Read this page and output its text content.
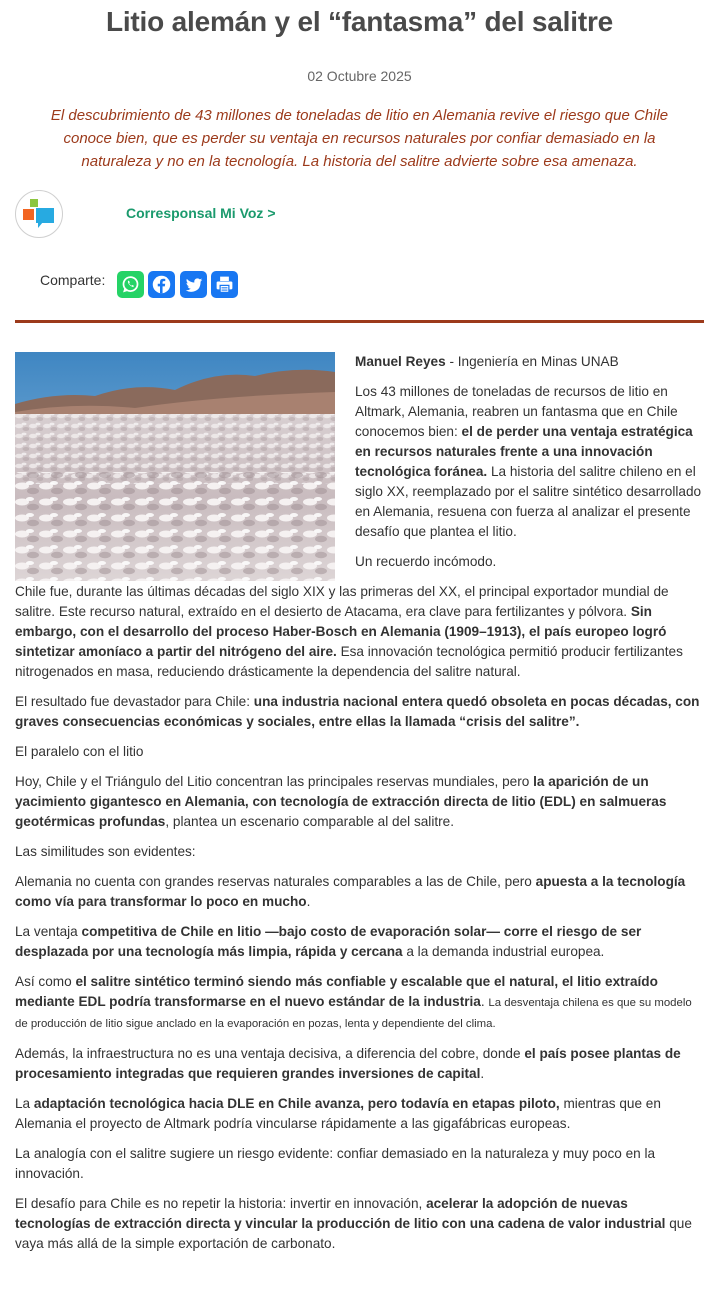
Litio alemán y el “fantasma” del salitre
02 Octubre 2025

El descubrimiento de 43 millones de toneladas de litio en Alemania revive el riesgo que Chile conoce bien, que es perder su ventaja en recursos naturales por confiar demasiado en la naturaleza y no en la tecnología. La historia del salitre advierte sobre esa amenaza.

Corresponsal Mi Voz >
Comparte:

Manuel Reyes - Ingeniería en Minas UNAB

Los 43 millones de toneladas de recursos de litio en Altmark, Alemania, reabren un fantasma que en Chile conocemos bien: el de perder una ventaja estratégica en recursos naturales frente a una innovación tecnológica foránea. La historia del salitre chileno en el siglo XX, reemplazado por el salitre sintético desarrollado en Alemania, resuena con fuerza al analizar el presente desafío que plantea el litio.

Un recuerdo incómodo.

Chile fue, durante las últimas décadas del siglo XIX y las primeras del XX, el principal exportador mundial de salitre. Este recurso natural, extraído en el desierto de Atacama, era clave para fertilizantes y pólvora. Sin embargo, con el desarrollo del proceso Haber-Bosch en Alemania (1909–1913), el país europeo logró sintetizar amoníaco a partir del nitrógeno del aire. Esa innovación tecnológica permitió producir fertilizantes nitrogenados en masa, reduciendo drásticamente la dependencia del salitre natural.

El resultado fue devastador para Chile: una industria nacional entera quedó obsoleta en pocas décadas, con graves consecuencias económicas y sociales, entre ellas la llamada “crisis del salitre”.

El paralelo con el litio

Hoy, Chile y el Triángulo del Litio concentran las principales reservas mundiales, pero la aparición de un yacimiento gigantesco en Alemania, con tecnología de extracción directa de litio (EDL) en salmueras geotérmicas profundas, plantea un escenario comparable al del salitre.

Las similitudes son evidentes:

Alemania no cuenta con grandes reservas naturales comparables a las de Chile, pero apuesta a la tecnología como vía para transformar lo poco en mucho.

La ventaja competitiva de Chile en litio —bajo costo de evaporación solar— corre el riesgo de ser desplazada por una tecnología más limpia, rápida y cercana a la demanda industrial europea.

Así como el salitre sintético terminó siendo más confiable y escalable que el natural, el litio extraído mediante EDL podría transformarse en el nuevo estándar de la industria. La desventaja chilena es que su modelo de producción de litio sigue anclado en la evaporación en pozas, lenta y dependiente del clima.

Además, la infraestructura no es una ventaja decisiva, a diferencia del cobre, donde el país posee plantas de procesamiento integradas que requieren grandes inversiones de capital.

La adaptación tecnológica hacia DLE en Chile avanza, pero todavía en etapas piloto, mientras que en Alemania el proyecto de Altmark podría vincularse rápidamente a las gigafábricas europeas.

La analogía con el salitre sugiere un riesgo evidente: confiar demasiado en la naturaleza y muy poco en la innovación.

El desafío para Chile es no repetir la historia: invertir en innovación, acelerar la adopción de nuevas tecnologías de extracción directa y vincular la producción de litio con una cadena de valor industrial que vaya más allá de la simple exportación de carbonato.
